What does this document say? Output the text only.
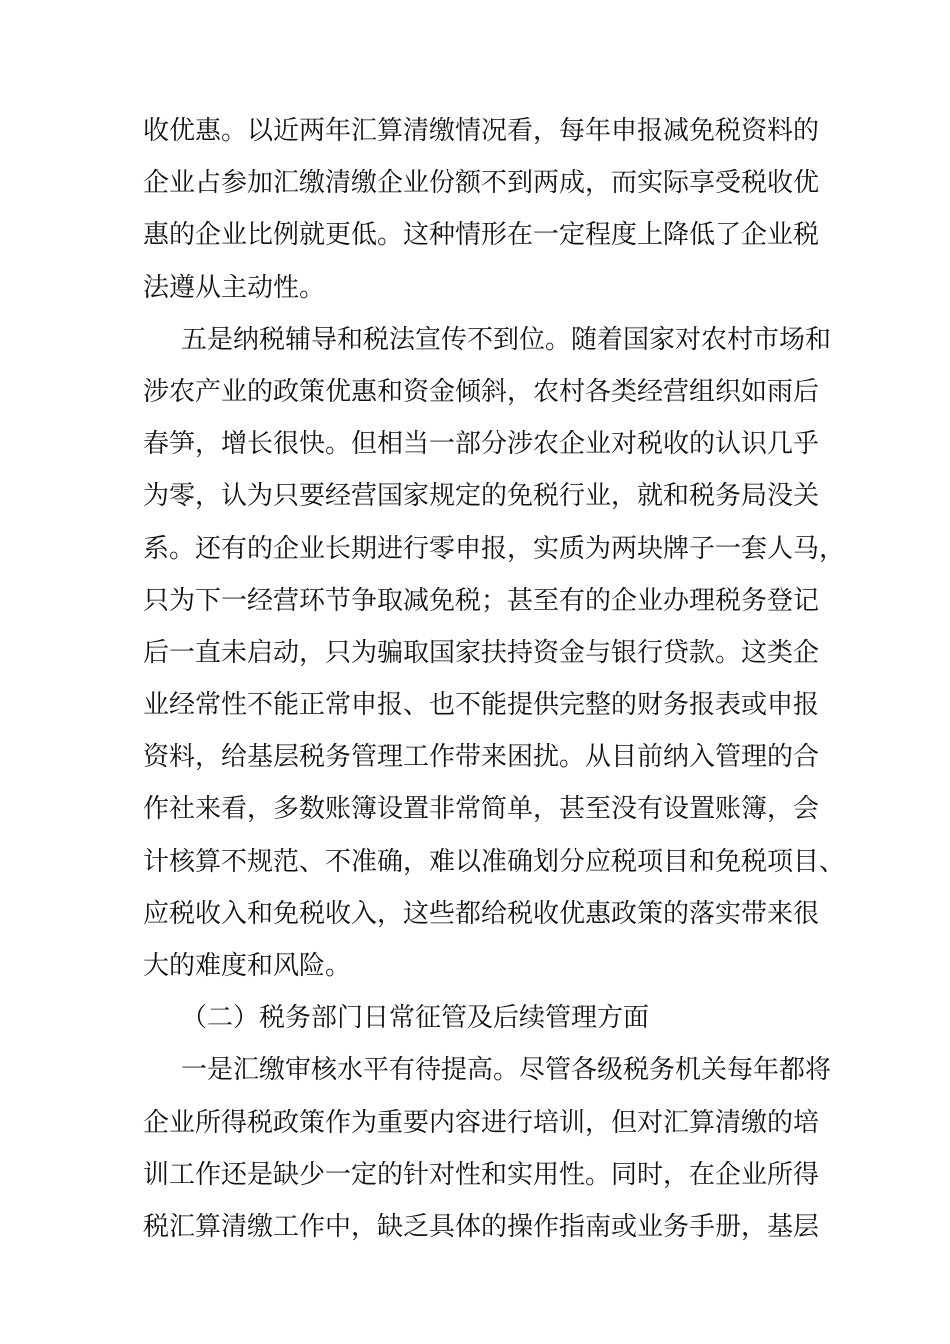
收优惠。以近两年汇算清缴情况看，每年申报减免税资料的
企业占参加汇缴清缴企业份额不到两成，而实际享受税收优
惠的企业比例就更低。这种情形在一定程度上降低了企业税
法遵从主动性。
五是纳税辅导和税法宣传不到位。随着国家对农村市场和
涉农产业的政策优惠和资金倾斜，农村各类经营组织如雨后
春笋，增长很快。但相当一部分涉农企业对税收的认识几乎
为零，认为只要经营国家规定的免税行业，就和税务局没关
系。还有的企业长期进行零申报，实质为两块牌子一套人马，
只为下一经营环节争取减免税；甚至有的企业办理税务登记
后一直未启动，只为骗取国家扶持资金与银行贷款。这类企
业经常性不能正常申报、也不能提供完整的财务报表或申报
资料，给基层税务管理工作带来困扰。从目前纳入管理的合
作社来看，多数账簿设置非常简单，甚至没有设置账簿，会
计核算不规范、不准确，难以准确划分应税项目和免税项目、
应税收入和免税收入，这些都给税收优惠政策的落实带来很
大的难度和风险。
（二）税务部门日常征管及后续管理方面
一是汇缴审核水平有待提高。尽管各级税务机关每年都将
企业所得税政策作为重要内容进行培训，但对汇算清缴的培
训工作还是缺少一定的针对性和实用性。同时，在企业所得
税汇算清缴工作中，缺乏具体的操作指南或业务手册，基层
